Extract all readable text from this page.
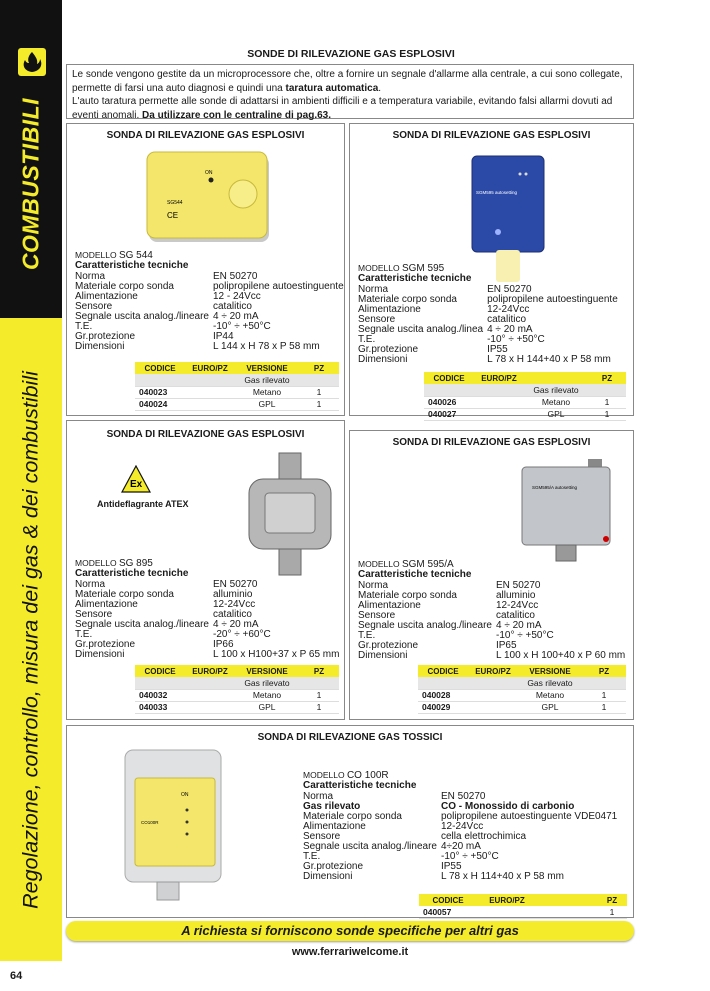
COMBUSTIBILI
Regolazione, controllo, misura dei gas & dei combustibili
64
SONDE DI RILEVAZIONE GAS ESPLOSIVI
Le sonde vengono gestite da un microprocessore che, oltre a fornire un segnale d'allarme alla centrale, a cui sono collegate, permette di farsi una auto diagnosi e quindi una taratura automatica.
L'auto taratura permette alle sonde di adattarsi in ambienti difficili e a temperatura variabile, evitando falsi allarmi dovuti ad eventi anomali. Da utilizzare con le centraline di pag.63.
SONDA DI RILEVAZIONE GAS ESPLOSIVI
ON
SG544
CE
MODELLO SG 544
Caratteristiche tecniche
Norma	EN 50270
Materiale corpo sonda	polipropilene autoestinguente
Alimentazione	12 - 24Vcc
Sensore	catalitico
Segnale uscita analog./lineare	4 ÷ 20 mA
T.E.	-10° ÷ +50°C
Gr.protezione	IP44
Dimensioni	L 144 x H 78 x P 58 mm
CODICE	EURO/PZ	VERSIONE	PZ
		Gas rilevato	
040023		Metano	1
040024		GPL	1
SONDA DI RILEVAZIONE GAS ESPLOSIVI
SGM595 autosetting
MODELLO SGM 595
Caratteristiche tecniche
Norma	EN 50270
Materiale corpo sonda	polipropilene autoestinguente
Alimentazione	12-24Vcc
Sensore	catalitico
Segnale uscita analog./linea	4 ÷ 20 mA
T.E.	-10° ÷ +50°C
Gr.protezione	IP55
Dimensioni	L 78 x H 144+40 x P 58 mm
CODICE	EURO/PZ		PZ
		Gas rilevato	
040026		Metano	1
040027		GPL	1
SONDA DI RILEVAZIONE GAS ESPLOSIVI
Ex
Antideflagrante ATEX
MODELLO SG 895
Caratteristiche tecniche
Norma	EN 50270
Materiale corpo sonda	alluminio
Alimentazione	12-24Vcc
Sensore	catalitico
Segnale uscita analog./lineare	4 ÷ 20 mA
T.E.	-20° ÷ +60°C
Gr.protezione	IP66
Dimensioni	L 100 x H100+37 x P 65 mm
CODICE	EURO/PZ	VERSIONE	PZ
		Gas rilevato	
040032		Metano	1
040033		GPL	1
SONDA DI RILEVAZIONE GAS ESPLOSIVI
SGM595/A autosetting
MODELLO SGM 595/A
Caratteristiche tecniche
Norma	EN 50270
Materiale corpo sonda	alluminio
Alimentazione	12-24Vcc
Sensore	catalitico
Segnale uscita analog./lineare	4 ÷ 20 mA
T.E.	-10° ÷ +50°C
Gr.protezione	IP65
Dimensioni	L 100 x H 100+40 x P 60 mm
CODICE	EURO/PZ	VERSIONE	PZ
		Gas rilevato	
040028		Metano	1
040029		GPL	1
SONDA DI RILEVAZIONE GAS TOSSICI
ON
CO100R
MODELLO CO 100R
Caratteristiche tecniche
Norma	EN 50270
Gas rilevato	CO - Monossido di carbonio
Materiale corpo sonda	polipropilene autoestinguente VDE0471
Alimentazione	12-24Vcc
Sensore	cella elettrochimica
Segnale uscita analog./lineare	4÷20 mA
T.E.	-10° ÷ +50°C
Gr.protezione	IP55
Dimensioni	L 78 x H 114+40 x P 58 mm
CODICE	EURO/PZ		PZ
040057			1
A richiesta si forniscono sonde specifiche per altri gas
www.ferrariwelcome.it
